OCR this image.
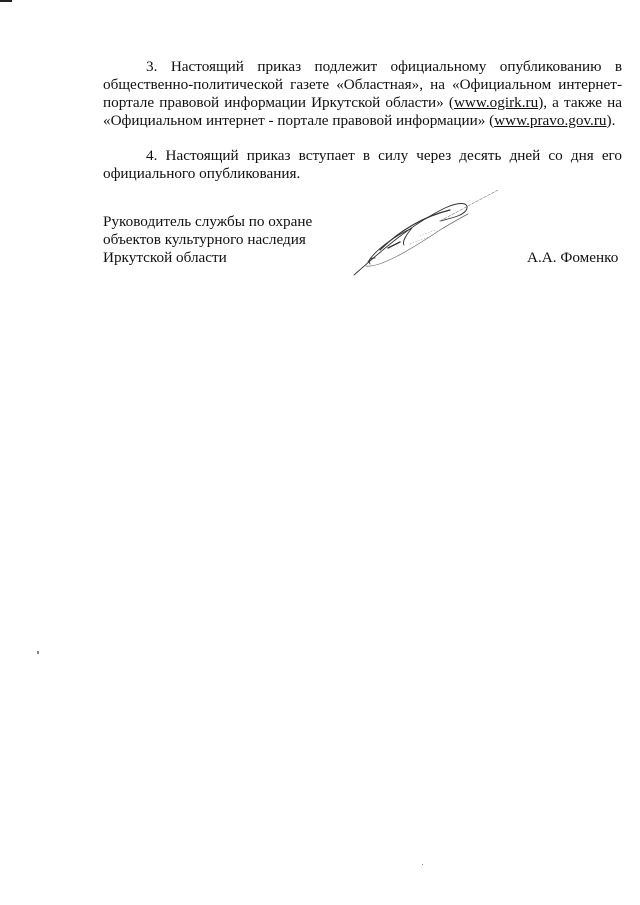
3. Настоящий приказ подлежит официальному опубликованию в
общественно-политической газете «Областная», на «Официальном интернет-
портале правовой информации Иркутской области» (www.ogirk.ru), а также на
«Официальном интернет - портале правовой информации» (www.pravo.gov.ru).
4. Настоящий приказ вступает в силу через десять дней со дня его
официального опубликования.
Руководитель службы по охране
объектов культурного наследия
Иркутской области	А.А. Фоменко
